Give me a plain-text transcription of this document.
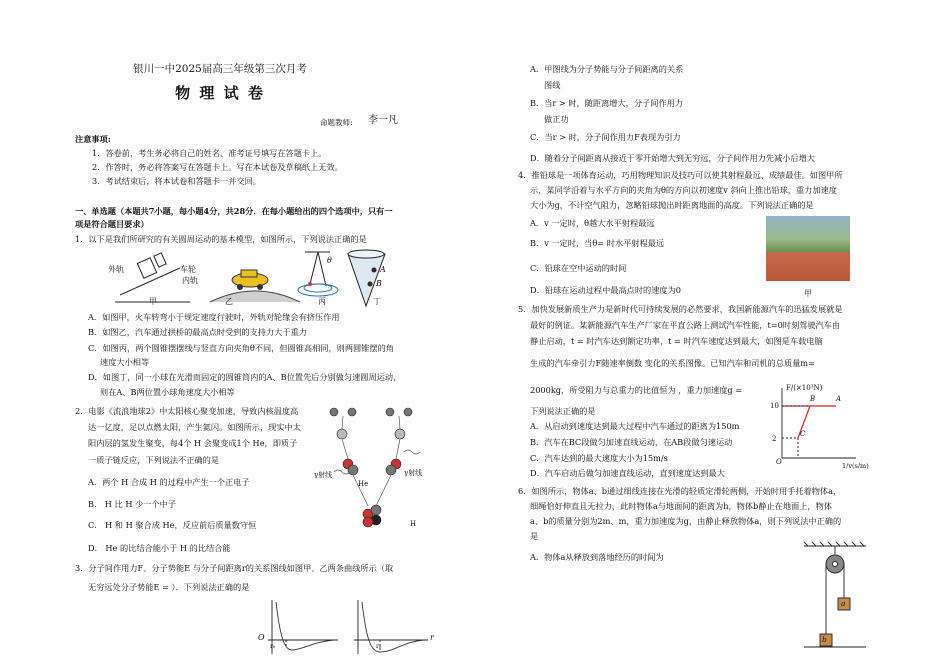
银川一中2025届高三年级第三次月考
物 理 试 卷
命题教师: 李一凡
注意事项:
1．答卷前，考生务必将自己的姓名、准考证号填写在答题卡上。
2．作答时，务必将答案写在答题卡上。写在本试卷及草稿纸上无效。
3．考试结束后，将本试卷和答题卡一并交回。
一、单选题（本题共7小题，每小题4分，共28分．在每小题给出的四个选项中，只有一
项是符合题目要求）
1．以下是我们所研究的有关圆周运动的基本模型，如图所示，下列说法正确的是
外轨
内轨
车轮
甲	乙	丙	丁
θ
A
B
A．如图甲，火车转弯小于规定速度行驶时，外轨对轮缘会有挤压作用
B．如图乙，汽车通过拱桥的最高点时受到的支持力大于重力
C．如图丙，两个圆锥摆摆线与竖直方向夹角θ不同，但圆锥高相同，则两圆锥摆的角
速度大小相等
D．如图丁，同一小球在光滑而固定的圆锥筒内的A、B位置先后分别做匀速圆周运动，
则在A、B两位置小球角速度大小相等
2．电影《流浪地球2》中太阳核心聚变加速，导致内核温度高
达一亿度，足以点燃太阳，产生氦闪。如图所示，现实中太
阳内层的氢发生聚变，每4个 H 会聚变成1个 He，即质子
一质子链反应，下列说法不正确的是
A．两个 H 合成 H 的过程中产生一个正电子
B． H 比 H 少一个中子
C． H 和 H 聚合成 He，反应前后质量数守恒
D． He 的比结合能小于 H 的比结合能
γ射线	γ射线
He
H
3．分子间作用力F、分子势能E 与分子间距离r的关系图线如图甲、乙两条曲线所示（取
无穷远处分子势能E = ）．下列说法正确的是
O
r₀	r₀
r
A．甲图线为分子势能与分子间距离的关系
图线
B．当r > 时，随距离增大，分子间作用力
做正功
C．当r > 时，分子间作用力F表现为引力
D．随着分子间距离从接近于零开始增大到无穷远，分子间作用力先减小后增大
4．推铅球是一项体育运动，巧用物理知识及技巧可以使其射程最远、成绩最佳。如图甲所
示，某同学沿着与水平方向的夹角为θ的方向以初速度v 斜向上推出铅球，重力加速度
大小为g，不计空气阻力，忽略铅球抛出时距离地面的高度。下列说法正确的是
A．v 一定时，θ越大水平射程最远
B．v 一定时，当θ= 时水平射程最远
C．铅球在空中运动的时间
D．铅球在运动过程中最高点时的速度为0	甲
5．加快发展新质生产力是新时代可持续发展的必然要求，我国新能源汽车的迅猛发展就是
最好的例证。某新能源汽车生产厂家在平直公路上测试汽车性能，t=0时刻驾驶汽车由
静止启动，t = 时汽车达到额定功率，t = 时汽车速度达到最大，如图是车载电脑
生成的汽车牵引力F随速率倒数 变化的关系图像。已知汽车和司机的总质量m=
2000kg，所受阻力与总重力的比值恒为 ，重力加速度g =
下列说法正确的是
A．从启动到速度达到最大过程中汽车通过的距离为150m
B．汽车在BC段做匀加速直线运动，在AB段做匀速运动
C．汽车达到的最大速度大小为15m/s
D．汽车启动后做匀加速直线运动，直到速度达到最大
F/(×10³N)
10
2
O
A
B
C
1/v(s/m)
6．如图所示，物体a、b通过细线连接在光滑的轻质定滑轮两侧，开始时用手托着物体a，
细绳恰好伸直且无拉力，此时物体a与地面间的距离为h，物体b静止在地面上，物体
a、b的质量分别为2m、m，重力加速度为g，由静止释放物体a，则下列说法中正确的
是
A．物体a从释放到落地经历的时间为
a
b
